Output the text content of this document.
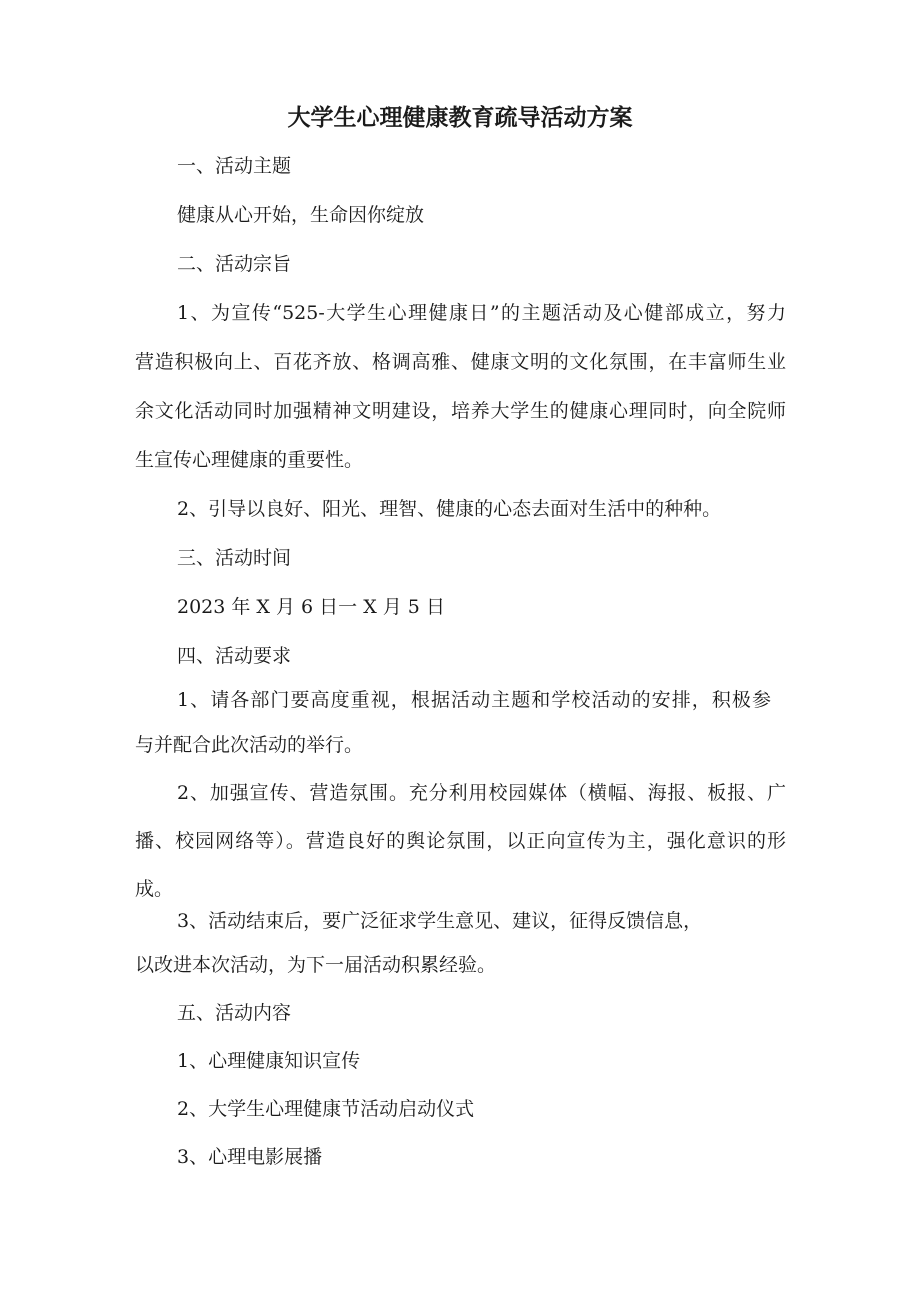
大学生心理健康教育疏导活动方案

一、活动主题

健康从心开始，生命因你绽放

二、活动宗旨

1、为宣传“525-大学生心理健康日”的主题活动及心健部成立，努力

营造积极向上、百花齐放、格调高雅、健康文明的文化氛围，在丰富师生业

余文化活动同时加强精神文明建设，培养大学生的健康心理同时，向全院师

生宣传心理健康的重要性。

2、引导以良好、阳光、理智、健康的心态去面对生活中的种种。

三、活动时间

2023 年 X 月 6 日一 X 月 5 日

四、活动要求

1、请各部门要高度重视，根据活动主题和学校活动的安排，积极参

与并配合此次活动的举行。

2、加强宣传、营造氛围。充分利用校园媒体（横幅、海报、板报、广

播、校园网络等）。营造良好的舆论氛围，以正向宣传为主，强化意识的形

成。

3、活动结束后，要广泛征求学生意见、建议，征得反馈信息，

以改进本次活动，为下一届活动积累经验。

五、活动内容

1、心理健康知识宣传

2、大学生心理健康节活动启动仪式

3、心理电影展播
